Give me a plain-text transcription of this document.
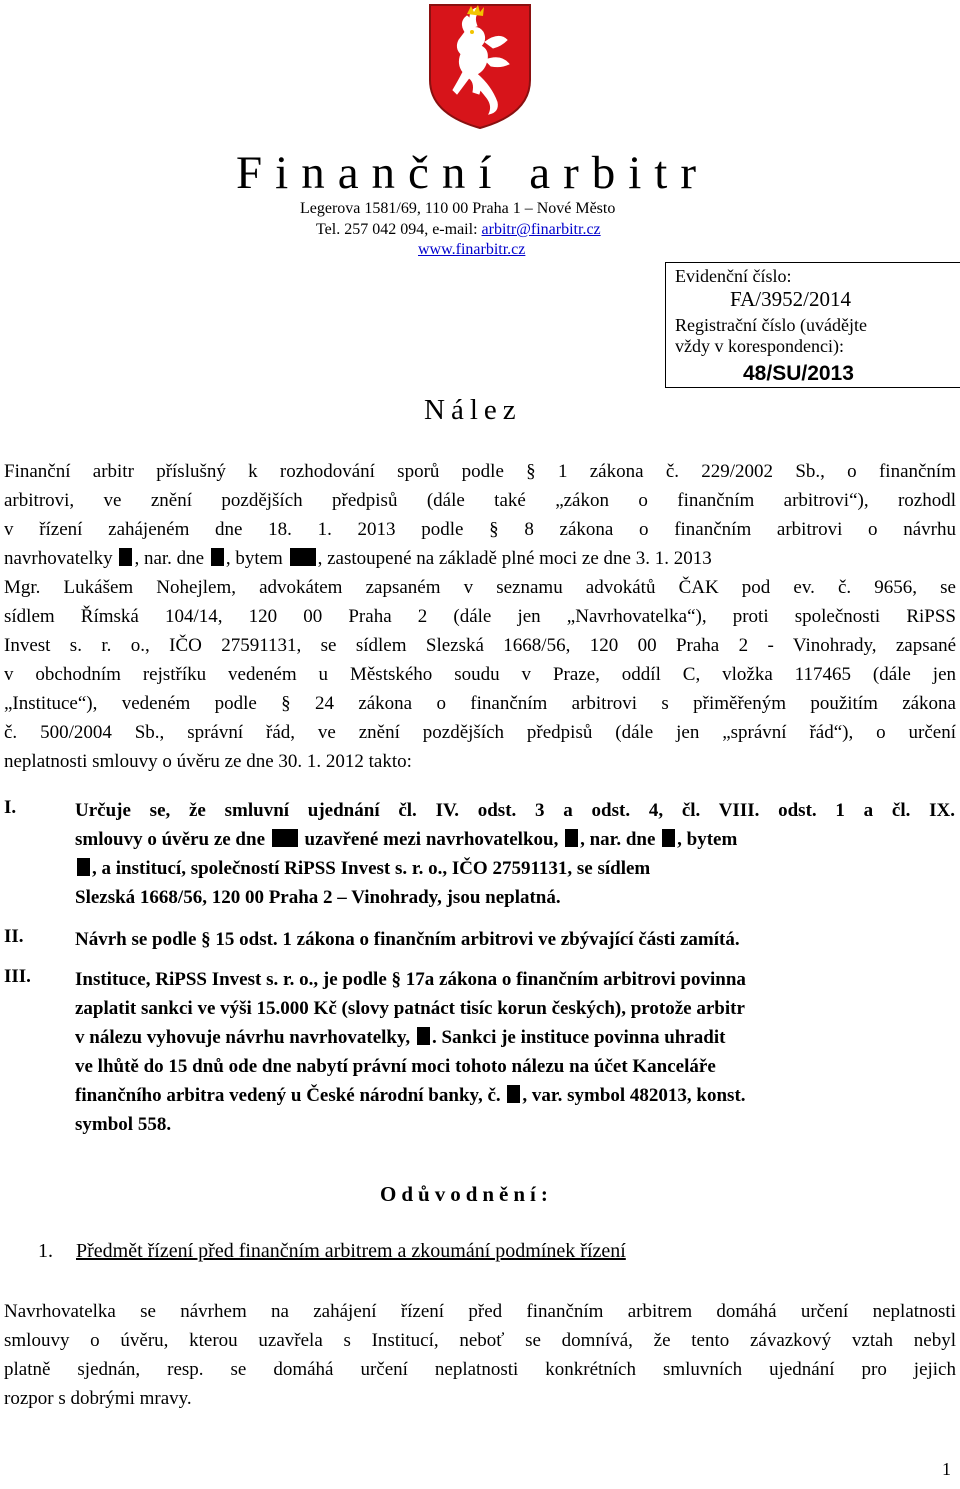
Finanční arbitr
Legerova 1581/69, 110 00 Praha 1 – Nové Město
Tel. 257 042 094, e-mail: arbitr@finarbitr.cz
www.finarbitr.cz
Evidenční číslo:
FA/3952/2014
Registrační číslo (uvádějte
vždy v korespondenci):
48/SU/2013
Nález
Finanční arbitr příslušný k rozhodování sporů podle § 1 zákona č. 229/2002 Sb., o finančním
arbitrovi, ve znění pozdějších předpisů (dále také „zákon o finančním arbitrovi“), rozhodl
v řízení zahájeném dne 18. 1. 2013 podle § 8 zákona o finančním arbitrovi o návrhu
navrhovatelky , nar. dne , bytem , zastoupené na základě plné moci ze dne 3. 1. 2013
Mgr. Lukášem Nohejlem, advokátem zapsaném v seznamu advokátů ČAK pod ev. č. 9656, se
sídlem Římská 104/14, 120 00 Praha 2 (dále jen „Navrhovatelka“), proti společnosti RiPSS
Invest s. r. o., IČO 27591131, se sídlem Slezská 1668/56, 120 00 Praha 2 - Vinohrady, zapsané
v obchodním rejstříku vedeném u Městského soudu v Praze, oddíl C, vložka 117465 (dále jen
„Instituce“), vedeném podle § 24 zákona o finančním arbitrovi s přiměřeným použitím zákona
č. 500/2004 Sb., správní řád, ve znění pozdějších předpisů (dále jen „správní řád“), o určení
neplatnosti smlouvy o úvěru ze dne 30. 1. 2012 takto:
I.	Určuje se, že smluvní ujednání čl. IV. odst. 3 a odst. 4, čl. VIII. odst. 1 a čl. IX.
smlouvy o úvěru ze dne  uzavřené mezi navrhovatelkou, , nar. dne , bytem
, a institucí, společností RiPSS Invest s. r. o., IČO 27591131, se sídlem
Slezská 1668/56, 120 00 Praha 2 – Vinohrady, jsou neplatná.
II.	Návrh se podle § 15 odst. 1 zákona o finančním arbitrovi ve zbývající části zamítá.
III. Instituce, RiPSS Invest s. r. o., je podle § 17a zákona o finančním arbitrovi povinna
zaplatit sankci ve výši 15.000 Kč (slovy patnáct tisíc korun českých), protože arbitr
v nálezu vyhovuje návrhu navrhovatelky, . Sankci je instituce povinna uhradit
ve lhůtě do 15 dnů ode dne nabytí právní moci tohoto nálezu na účet Kanceláře
finančního arbitra vedený u České národní banky, č. , var. symbol 482013, konst.
symbol 558.
Odůvodnění:
1. Předmět řízení před finančním arbitrem a zkoumání podmínek řízení
Navrhovatelka se návrhem na zahájení řízení před finančním arbitrem domáhá určení neplatnosti
smlouvy o úvěru, kterou uzavřela s Institucí, neboť se domnívá, že tento závazkový vztah nebyl
platně sjednán, resp. se domáhá určení neplatnosti konkrétních smluvních ujednání pro jejich
rozpor s dobrými mravy.
1
